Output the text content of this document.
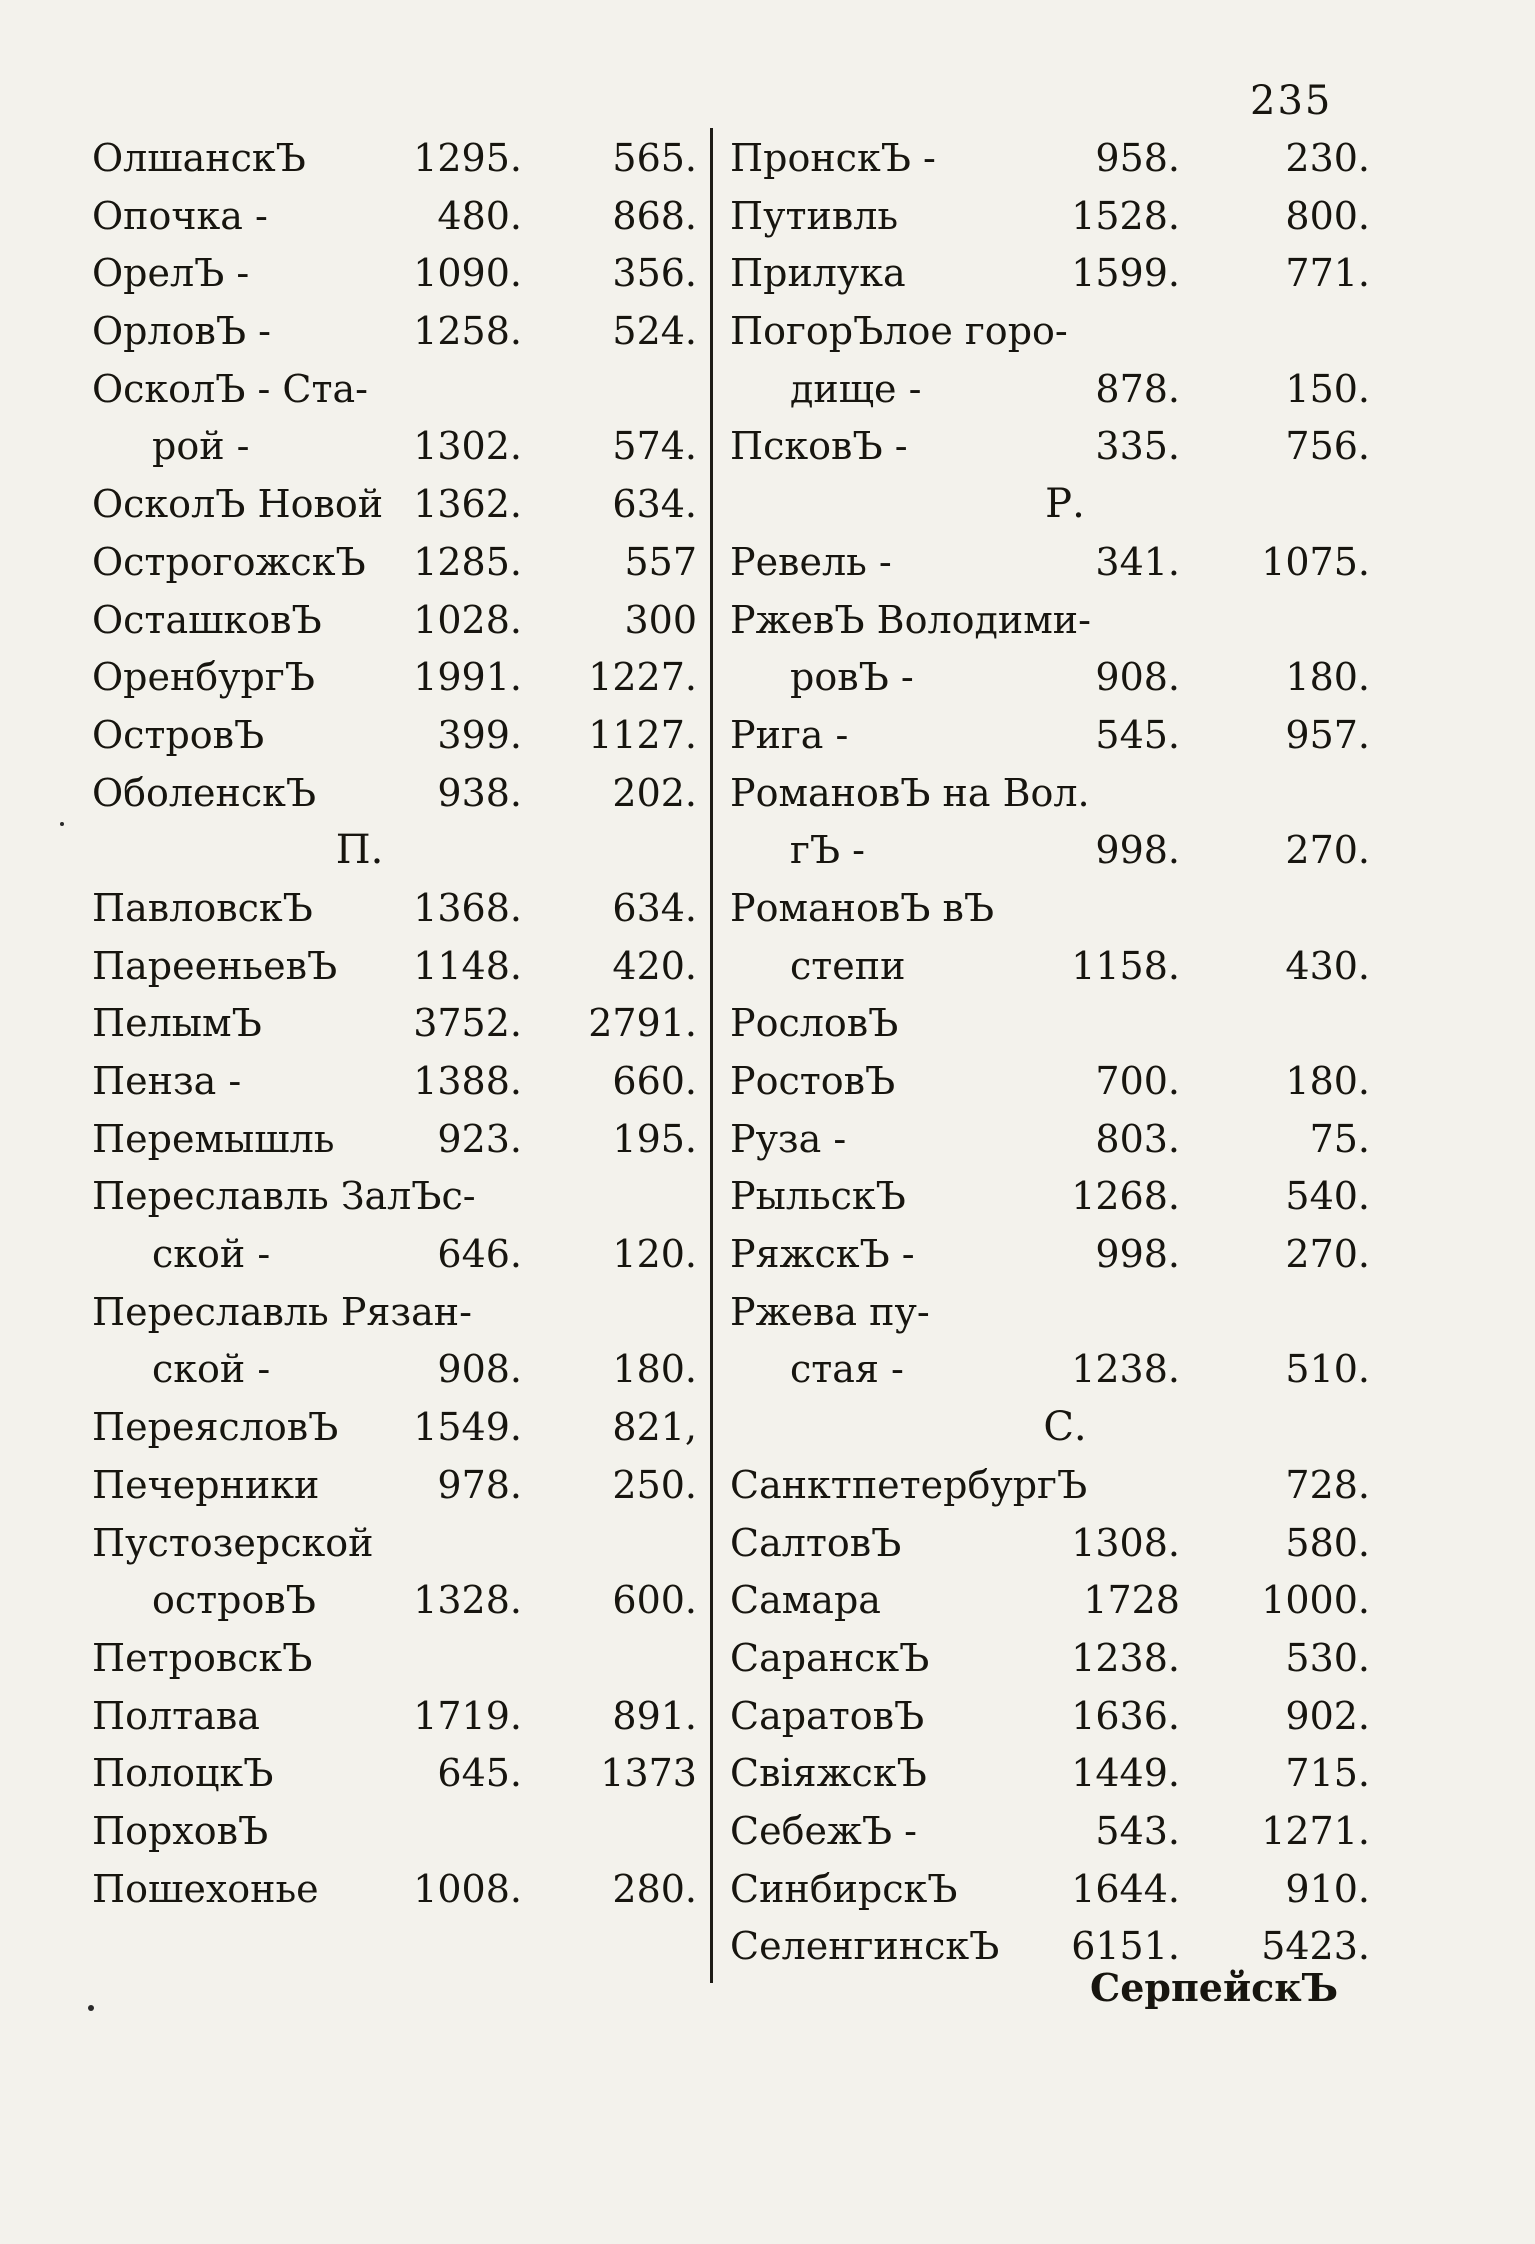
235
ОлшанскЪ	1295. 565.
Опочка -	480. 868.
ОрелЪ -	1090. 356.
ОрловЪ -	1258. 524.
ОсколЪ - Ста-
рой -	1302. 574.
ОсколЪ Новой 1362. 634.
ОстрогожскЪ 1285.	557
ОсташковЪ 1028.	300
ОренбургЪ	1991. 1227.
ОстровЪ	399. 1127.
ОболенскЪ	938. 202.
П.
ПавловскЪ	1368. 634.
ПарееньевЪ 1148. 420.
ПелымЪ	3752. 2791.
Пенза -	1388. 660.
Перемышль	923. 195.
Переславль ЗалЪс-
ской -	646. 120.
Переславль Рязан-
ской -	908. 180.
ПереясловЪ 1549. 821,
Печерники	978. 250.
Пустозерской
островЪ	1328. 600.
ПетровскЪ
Полтава	1719. 891.
ПолоцкЪ	645. 1373
ПорховЪ
Пошехонье 1008. 280.
ПронскЪ -	958.	230.
Путивль	1528.	800.
Прилука	1599.	771.
ПогорЪлое горо-
дище -	878.	150.
ПсковЪ -	335.	756.
Р.
Ревель -	341. 1075.
РжевЪ Володими-
ровЪ -	908.	180.
Рига -	545.	957.
РомановЪ на Вол.
гЪ -	998.	270.
РомановЪ вЪ
степи	1158.	430.
РословЪ
РостовЪ	700.	180.
Руза -	803.	75.
РыльскЪ	1268.	540.
РяжскЪ -	998.	270.
Ржева пу-
стая -	1238.	510.
С.
СанктпетербургЪ	728.
СалтовЪ	1308.	580.
Самара	1728 1000.
СаранскЪ	1238.	530.
СаратовЪ	1636.	902.
СвіяжскЪ	1449.	715.
СебежЪ -	543. 1271.
СинбирскЪ	1644.	910.
СеленгинскЪ 6151. 5423.
СерпейскЪ
